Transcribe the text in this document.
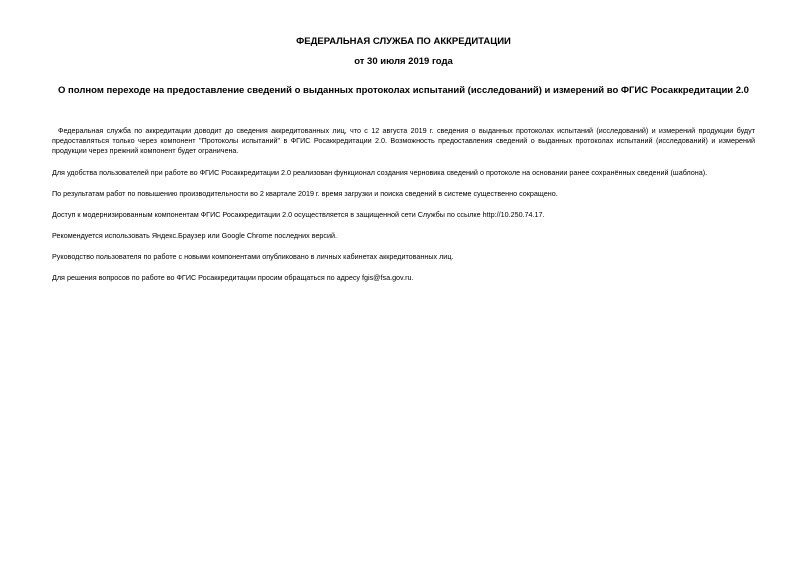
ФЕДЕРАЛЬНАЯ СЛУЖБА ПО АККРЕДИТАЦИИ
от 30 июля 2019 года
О полном переходе на предоставление сведений о выданных протоколах испытаний (исследований) и измерений во ФГИС Росаккредитации 2.0

Федеральная служба по аккредитации доводит до сведения аккредитованных лиц, что с 12 августа 2019 г. сведения о выданных протоколах испытаний (исследований) и измерений продукции будут предоставляться только через компонент "Протоколы испытаний" в ФГИС Росаккредитации 2.0. Возможность предоставления сведений о выданных протоколах испытаний (исследований) и измерений продукции через прежний компонент будет ограничена.

Для удобства пользователей при работе во ФГИС Росаккредитации 2.0 реализован функционал создания черновика сведений о протоколе на основании ранее сохранённых сведений (шаблона).

По результатам работ по повышению производительности во 2 квартале 2019 г. время загрузки и поиска сведений в системе существенно сокращено.

Доступ к модернизированным компонентам ФГИС Росаккредитации 2.0 осуществляется в защищенной сети Службы по ссылке http://10.250.74.17.

Рекомендуется использовать Яндекс.Браузер или Google Chrome последних версий.

Руководство пользователя по работе с новыми компонентами опубликовано в личных кабинетах аккредитованных лиц.

Для решения вопросов по работе во ФГИС Росаккредитации просим обращаться по адресу fgis@fsa.gov.ru.
